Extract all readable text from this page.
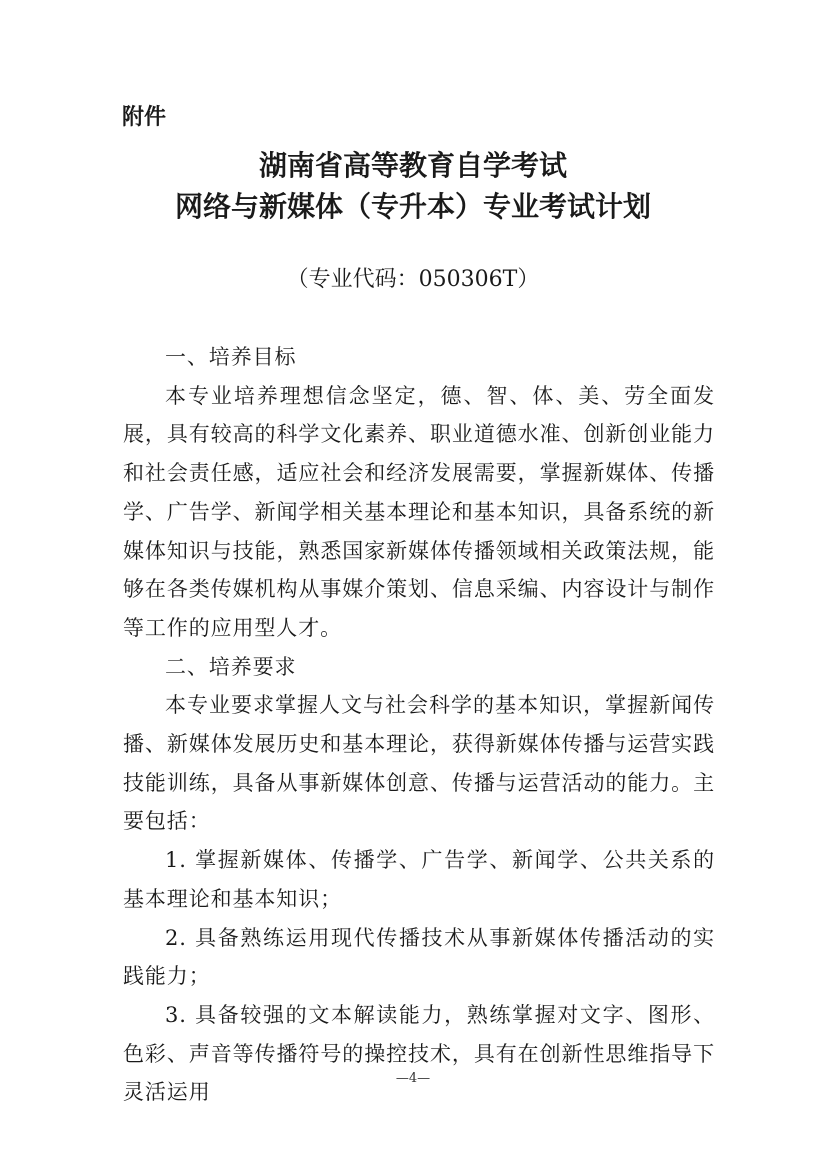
附件
湖南省高等教育自学考试
网络与新媒体（专升本）专业考试计划
（专业代码：050306T）

一、培养目标

本专业培养理想信念坚定，德、智、体、美、劳全面发展，具有较高的科学文化素养、职业道德水准、创新创业能力和社会责任感，适应社会和经济发展需要，掌握新媒体、传播学、广告学、新闻学相关基本理论和基本知识，具备系统的新媒体知识与技能，熟悉国家新媒体传播领域相关政策法规，能够在各类传媒机构从事媒介策划、信息采编、内容设计与制作等工作的应用型人才。

二、培养要求

本专业要求掌握人文与社会科学的基本知识，掌握新闻传播、新媒体发展历史和基本理论，获得新媒体传播与运营实践技能训练，具备从事新媒体创意、传播与运营活动的能力。主要包括：

1. 掌握新媒体、传播学、广告学、新闻学、公共关系的基本理论和基本知识；

2. 具备熟练运用现代传播技术从事新媒体传播活动的实践能力；

3. 具备较强的文本解读能力，熟练掌握对文字、图形、色彩、声音等传播符号的操控技术，具有在创新性思维指导下灵活运用

—4—
